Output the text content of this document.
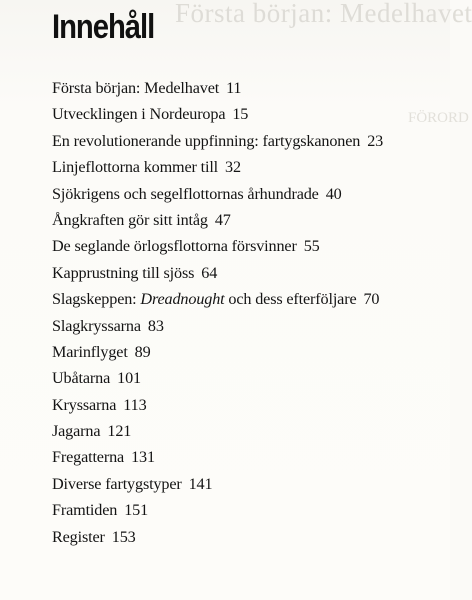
Första början: Medelhavet
FÖRORD
Innehåll
Första början: Medelhavet 11
Utvecklingen i Nordeuropa 15
En revolutionerande uppfinning: fartygskanonen 23
Linjeflottorna kommer till 32
Sjökrigens och segelflottornas århundrade 40
Ångkraften gör sitt intåg 47
De seglande örlogsflottorna försvinner 55
Kapprustning till sjöss 64
Slagskeppen: Dreadnought och dess efterföljare 70
Slagkryssarna 83
Marinflyget 89
Ubåtarna 101
Kryssarna 113
Jagarna 121
Fregatterna 131
Diverse fartygstyper 141
Framtiden 151
Register 153
